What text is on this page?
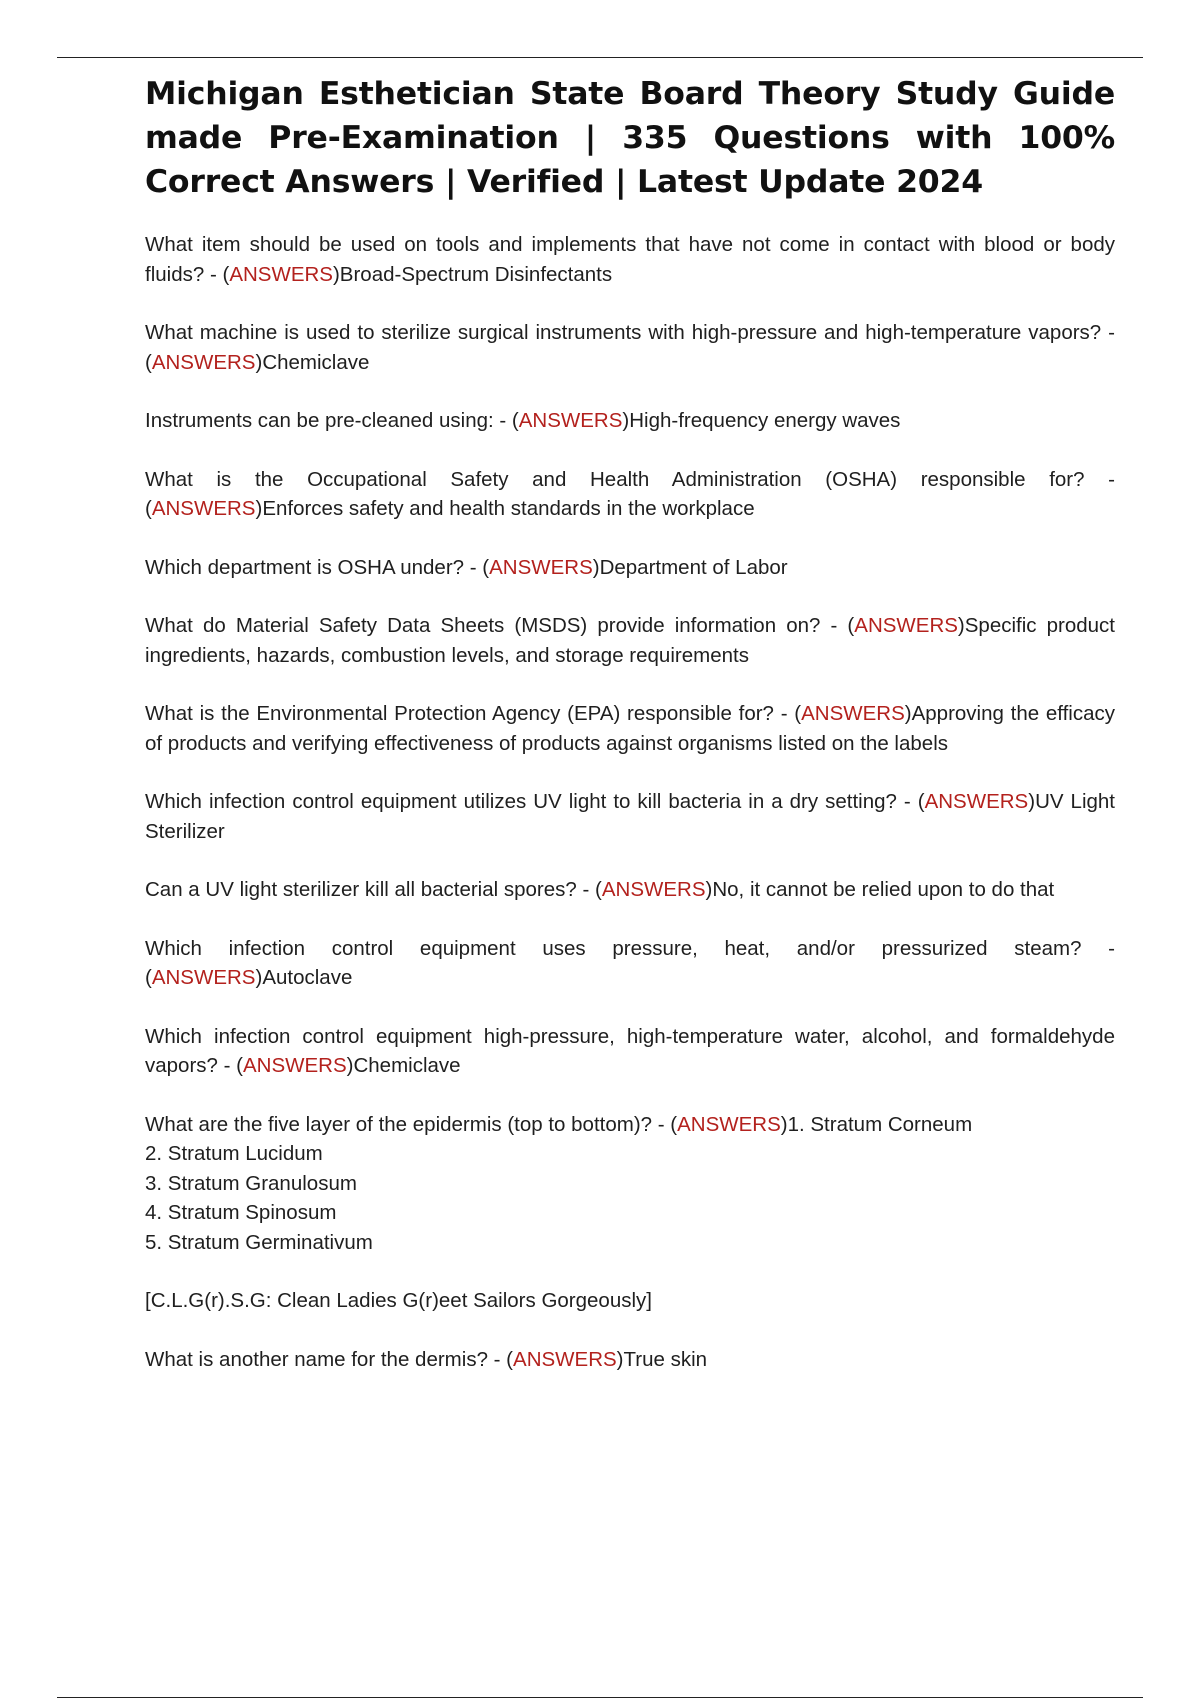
Michigan Esthetician State Board Theory Study Guide made Pre-Examination | 335 Questions with 100% Correct Answers | Verified | Latest Update 2024

What item should be used on tools and implements that have not come in contact with blood or body fluids? - (ANSWERS)Broad-Spectrum Disinfectants

What machine is used to sterilize surgical instruments with high-pressure and high-temperature vapors? - (ANSWERS)Chemiclave

Instruments can be pre-cleaned using: - (ANSWERS)High-frequency energy waves

What is the Occupational Safety and Health Administration (OSHA) responsible for? - (ANSWERS)Enforces safety and health standards in the workplace

Which department is OSHA under? - (ANSWERS)Department of Labor

What do Material Safety Data Sheets (MSDS) provide information on? - (ANSWERS)Specific product ingredients, hazards, combustion levels, and storage requirements

What is the Environmental Protection Agency (EPA) responsible for? - (ANSWERS)Approving the efficacy of products and verifying effectiveness of products against organisms listed on the labels

Which infection control equipment utilizes UV light to kill bacteria in a dry setting? - (ANSWERS)UV Light Sterilizer

Can a UV light sterilizer kill all bacterial spores? - (ANSWERS)No, it cannot be relied upon to do that

Which infection control equipment uses pressure, heat, and/or pressurized steam? - (ANSWERS)Autoclave

Which infection control equipment high-pressure, high-temperature water, alcohol, and formaldehyde vapors? - (ANSWERS)Chemiclave

What are the five layer of the epidermis (top to bottom)? - (ANSWERS)1. Stratum Corneum
2. Stratum Lucidum
3. Stratum Granulosum
4. Stratum Spinosum
5. Stratum Germinativum

[C.L.G(r).S.G: Clean Ladies G(r)eet Sailors Gorgeously]

What is another name for the dermis? - (ANSWERS)True skin
